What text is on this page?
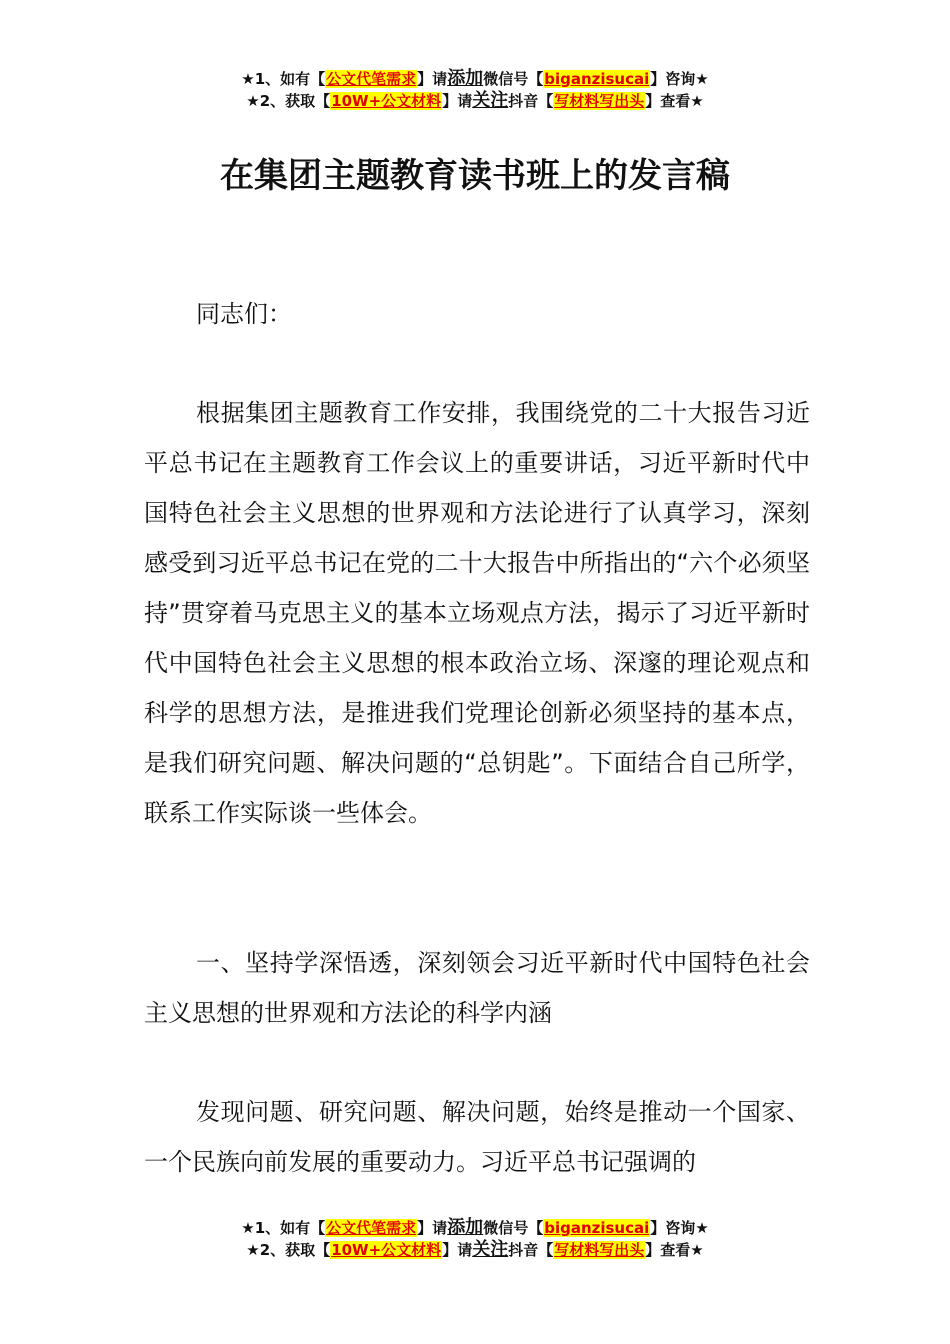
★1、如有【公文代笔需求】请添加微信号【biganzisucai】咨询★
★2、获取【10W+公文材料】请关注抖音【写材料写出头】查看★
在集团主题教育读书班上的发言稿

同志们：

根据集团主题教育工作安排，我围绕党的二十大报告习近平总书记在主题教育工作会议上的重要讲话，习近平新时代中国特色社会主义思想的世界观和方法论进行了认真学习，深刻感受到习近平总书记在党的二十大报告中所指出的“六个必须坚持”贯穿着马克思主义的基本立场观点方法，揭示了习近平新时代中国特色社会主义思想的根本政治立场、深邃的理论观点和科学的思想方法，是推进我们党理论创新必须坚持的基本点，是我们研究问题、解决问题的“总钥匙”。下面结合自己所学，联系工作实际谈一些体会。

一、坚持学深悟透，深刻领会习近平新时代中国特色社会主义思想的世界观和方法论的科学内涵

发现问题、研究问题、解决问题，始终是推动一个国家、一个民族向前发展的重要动力。习近平总书记强调的

★1、如有【公文代笔需求】请添加微信号【biganzisucai】咨询★
★2、获取【10W+公文材料】请关注抖音【写材料写出头】查看★
